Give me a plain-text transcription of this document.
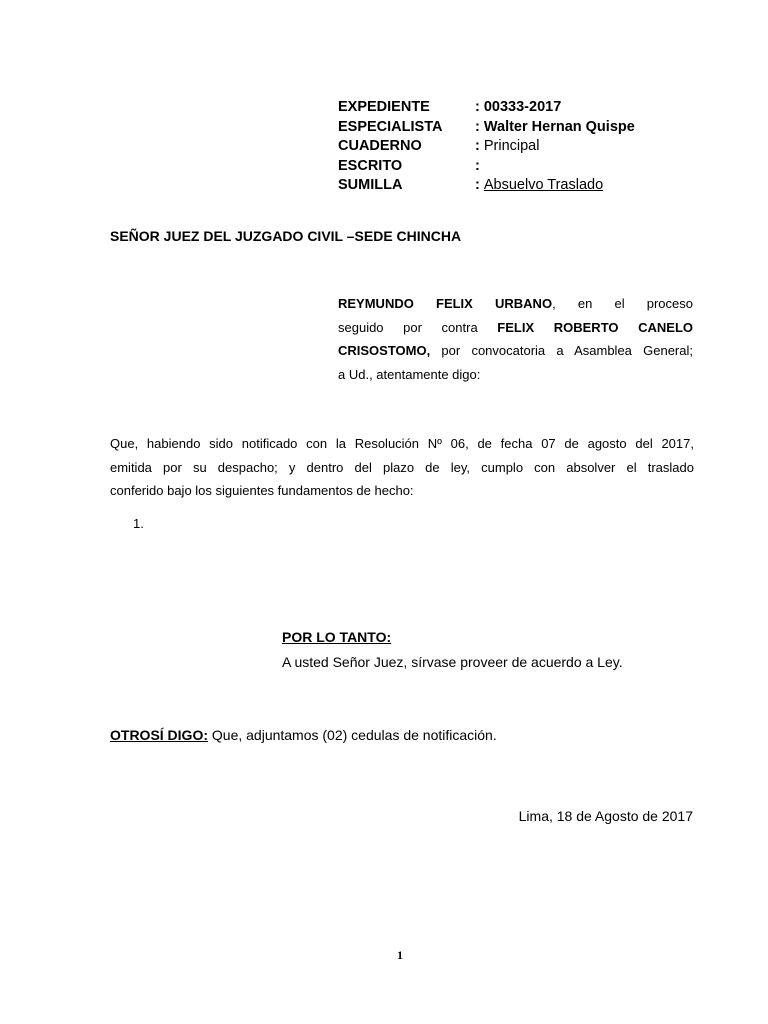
EXPEDIENTE	: 00333-2017
ESPECIALISTA : Walter Hernan Quispe
CUADERNO	: Principal
ESCRITO	:
SUMILLA	: Absuelvo Traslado
SEÑOR JUEZ DEL JUZGADO CIVIL –SEDE CHINCHA
REYMUNDO FELIX URBANO, en el proceso
seguido por contra FELIX ROBERTO CANELO
CRISOSTOMO, por convocatoria a Asamblea General;
a Ud., atentamente digo:
Que, habiendo sido notificado con la Resolución Nº 06, de fecha 07 de agosto del 2017,
emitida por su despacho; y dentro del plazo de ley, cumplo con absolver el traslado
conferido bajo los siguientes fundamentos de hecho:
1.
POR LO TANTO:
A usted Señor Juez, sírvase proveer de acuerdo a Ley.
OTROSÍ DIGO: Que, adjuntamos (02) cedulas de notificación.
Lima, 18 de Agosto de 2017
1
